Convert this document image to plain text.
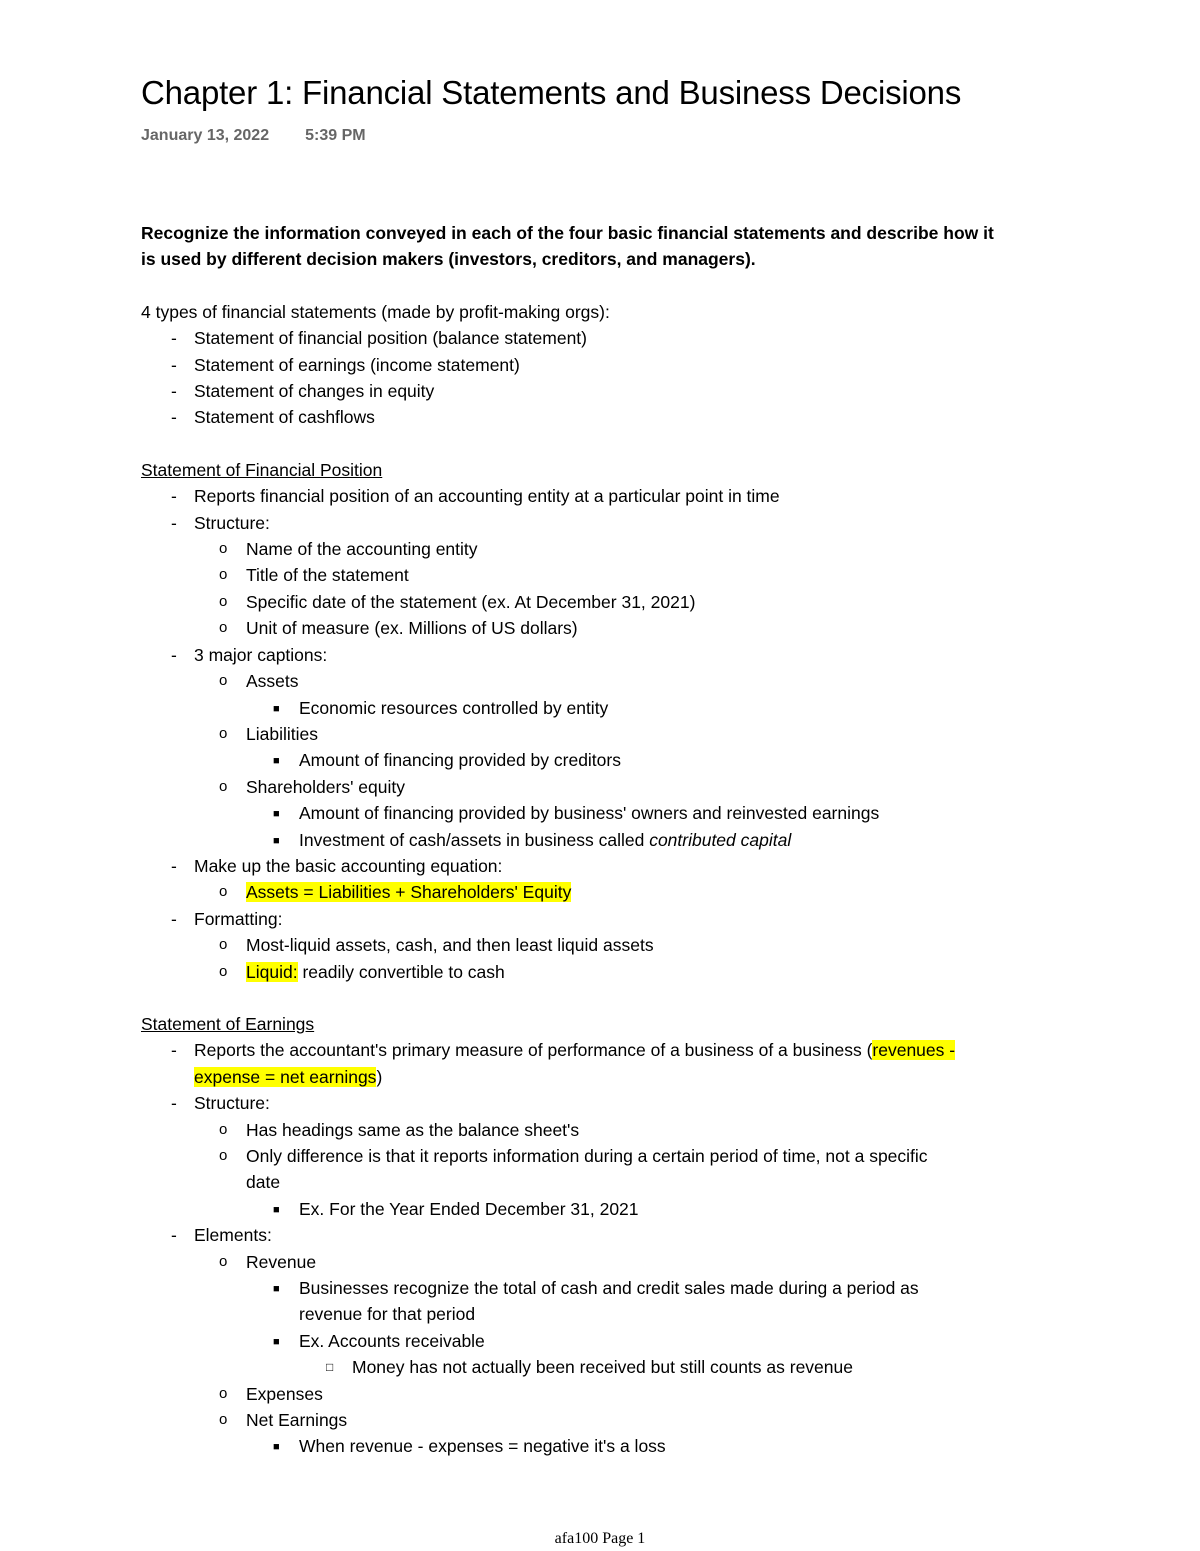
Chapter 1: Financial Statements and Business Decisions
January 13, 2022 5:39 PM

Recognize the information conveyed in each of the four basic financial statements and describe how it
is used by different decision makers (investors, creditors, and managers).

4 types of financial statements (made by profit-making orgs):

- Statement of financial position (balance statement)
- Statement of earnings (income statement)
- Statement of changes in equity
- Statement of cashflows

Statement of Financial Position

- Reports financial position of an accounting entity at a particular point in time
- Structure:
o Name of the accounting entity
o Title of the statement
o Specific date of the statement (ex. At December 31, 2021)
o Unit of measure (ex. Millions of US dollars)
- 3 major captions:
o Assets
■ Economic resources controlled by entity
o Liabilities
■ Amount of financing provided by creditors
o Shareholders' equity
■ Amount of financing provided by business' owners and reinvested earnings
■ Investment of cash/assets in business called contributed capital
- Make up the basic accounting equation:
o Assets = Liabilities + Shareholders' Equity
- Formatting:
o Most-liquid assets, cash, and then least liquid assets
o Liquid: readily convertible to cash

Statement of Earnings

- Reports the accountant's primary measure of performance of a business of a business (revenues -
expense = net earnings)
- Structure:
o Has headings same as the balance sheet's
o Only difference is that it reports information during a certain period of time, not a specific
date
■ Ex. For the Year Ended December 31, 2021
- Elements:
o Revenue
■ Businesses recognize the total of cash and credit sales made during a period as
revenue for that period
■ Ex. Accounts receivable
□ Money has not actually been received but still counts as revenue
o Expenses
o Net Earnings
■ When revenue - expenses = negative it's a loss
afa100 Page 1
